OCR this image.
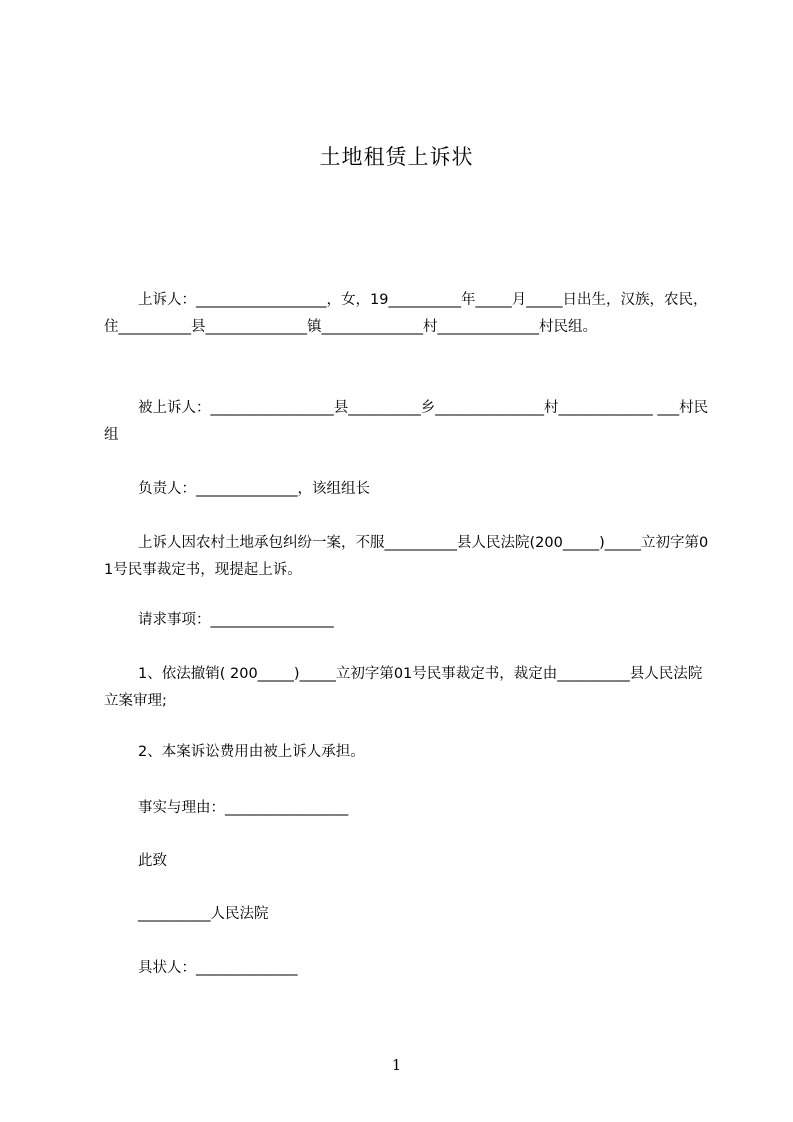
土地租赁上诉状
上诉人：__________________，女，19__________年_____月_____日出生，汉族，农民，住__________县______________镇______________村______________村民组。
被上诉人：_________________县__________乡_______________村_____________ ___村民组
负责人：______________，该组组长
上诉人因农村土地承包纠纷一案，不服__________县人民法院(200_____)_____立初字第01号民事裁定书，现提起上诉。
请求事项：_________________
1、依法撤销( 200_____)_____立初字第01号民事裁定书，裁定由__________县人民法院立案审理;
2、本案诉讼费用由被上诉人承担。
事实与理由：_________________
此致
__________人民法院
具状人：______________
1
